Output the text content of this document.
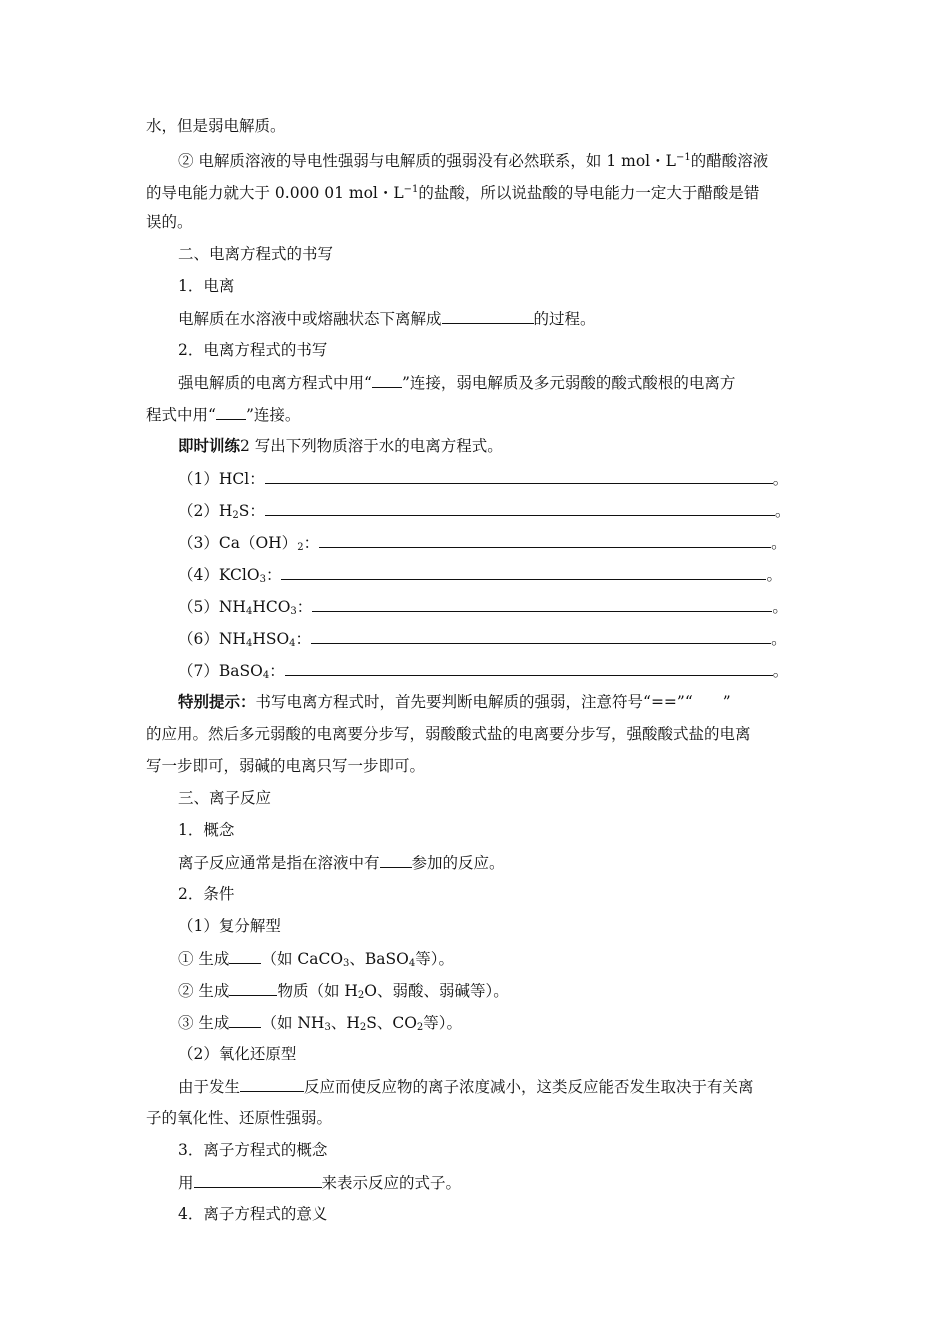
水，但是弱电解质。
② 电解质溶液的导电性强弱与电解质的强弱没有必然联系，如 1 mol・$L^{-1}$的醋酸溶液
的导电能力就大于 0.000 01 mol・$L^{-1}$的盐酸，所以说盐酸的导电能力一定大于醋酸是错
误的。
二、电离方程式的书写
1．电离
电解质在水溶液中或熔融状态下离解成	的过程。
2．电离方程式的书写
强电解质的电离方程式中用“ ”连接，弱电解质及多元弱酸的酸式酸根的电离方
程式中用“ ”连接。
即时训练2 写出下列物质溶于水的电离方程式。
（1）HCl：	。
$(2)H_2S$：	。
$(3)Ca(OH)_2$：	。
（4）KClO$_3$：	。
$(5)NH_4HCO_3$：	。
$(6)NH_4HSO_4$：	。
（7）BaSO$_4$：	。
特别提示：书写电离方程式时，首先要判断电解质的强弱，注意符号“==”“ ”
的应用。然后多元弱酸的电离要分步写，弱酸酸式盐的电离要分步写，强酸酸式盐的电离
写一步即可，弱碱的电离只写一步即可。
三、离子反应
1．概念
离子反应通常是指在溶液中有 参加的反应。
2．条件
（1）复分解型
① 生成 （如 CaCO$_3$、BaSO$_4$等）。
② 生成	物质（如 $H_2O$、弱酸、弱碱等）。
③ 生成 （如 $NH_3$、$H_2S$、$CO_2$等）。
（2）氧化还原型
由于发生	反应而使反应物的离子浓度减小，这类反应能否发生取决于有关离
子的氧化性、还原性强弱。
3．离子方程式的概念
用	来表示反应的式子。
4．离子方程式的意义
